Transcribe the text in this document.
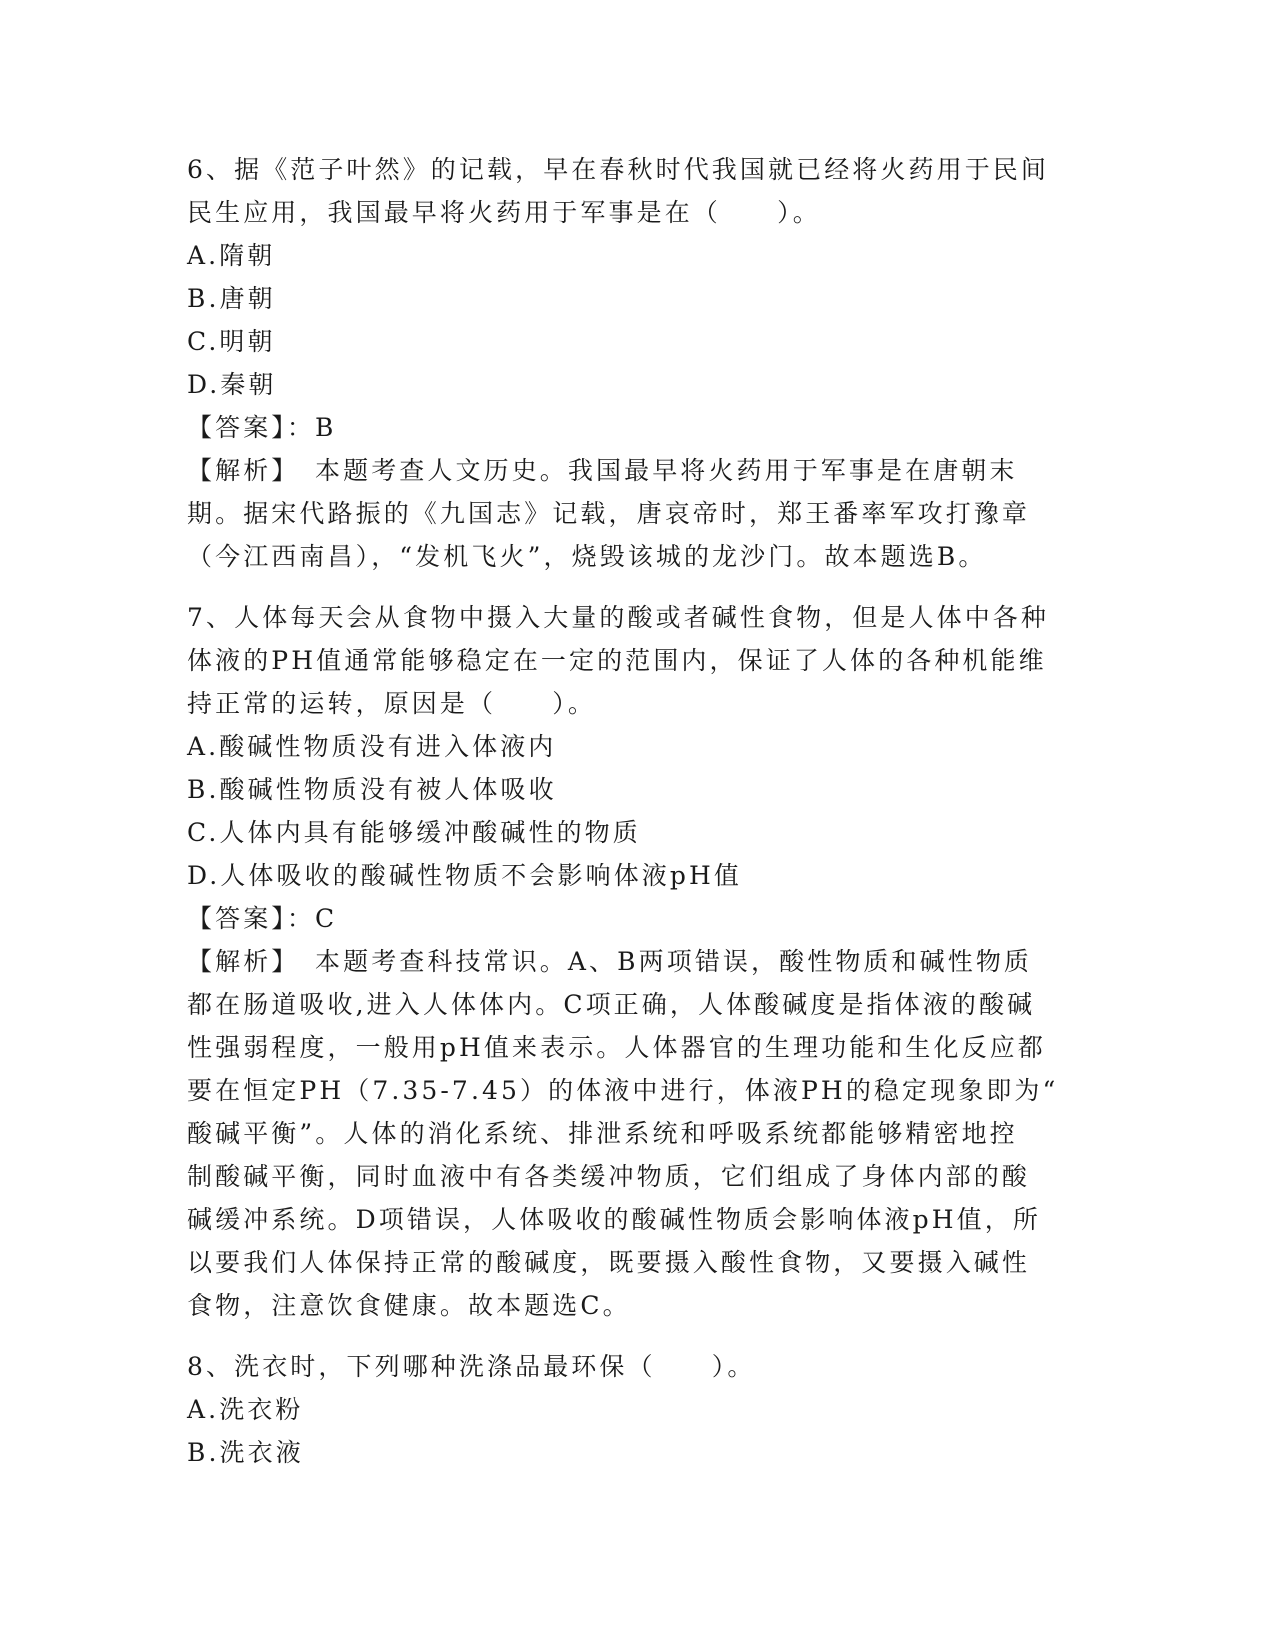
6、据《范子叶然》的记载，早在春秋时代我国就已经将火药用于民间
民生应用，我国最早将火药用于军事是在（　　）。
A.隋朝
B.唐朝
C.明朝
D.秦朝
【答案】：B
【解析】　本题考查人文历史。我国最早将火药用于军事是在唐朝末
期。据宋代路振的《九国志》记载，唐哀帝时，郑王番率军攻打豫章
（今江西南昌），“发机飞火”，烧毁该城的龙沙门。故本题选B。
7、人体每天会从食物中摄入大量的酸或者碱性食物，但是人体中各种
体液的PH值通常能够稳定在一定的范围内，保证了人体的各种机能维
持正常的运转，原因是（　　）。
A.酸碱性物质没有进入体液内
B.酸碱性物质没有被人体吸收
C.人体内具有能够缓冲酸碱性的物质
D.人体吸收的酸碱性物质不会影响体液pH值
【答案】：C
【解析】　本题考查科技常识。A、B两项错误，酸性物质和碱性物质
都在肠道吸收,进入人体体内。C项正确，人体酸碱度是指体液的酸碱
性强弱程度，一般用pH值来表示。人体器官的生理功能和生化反应都
要在恒定PH（7.35-7.45）的体液中进行，体液PH的稳定现象即为“
酸碱平衡”。人体的消化系统、排泄系统和呼吸系统都能够精密地控
制酸碱平衡，同时血液中有各类缓冲物质，它们组成了身体内部的酸
碱缓冲系统。D项错误，人体吸收的酸碱性物质会影响体液pH值，所
以要我们人体保持正常的酸碱度，既要摄入酸性食物，又要摄入碱性
食物，注意饮食健康。故本题选C。
8、洗衣时，下列哪种洗涤品最环保（　　）。
A.洗衣粉
B.洗衣液
